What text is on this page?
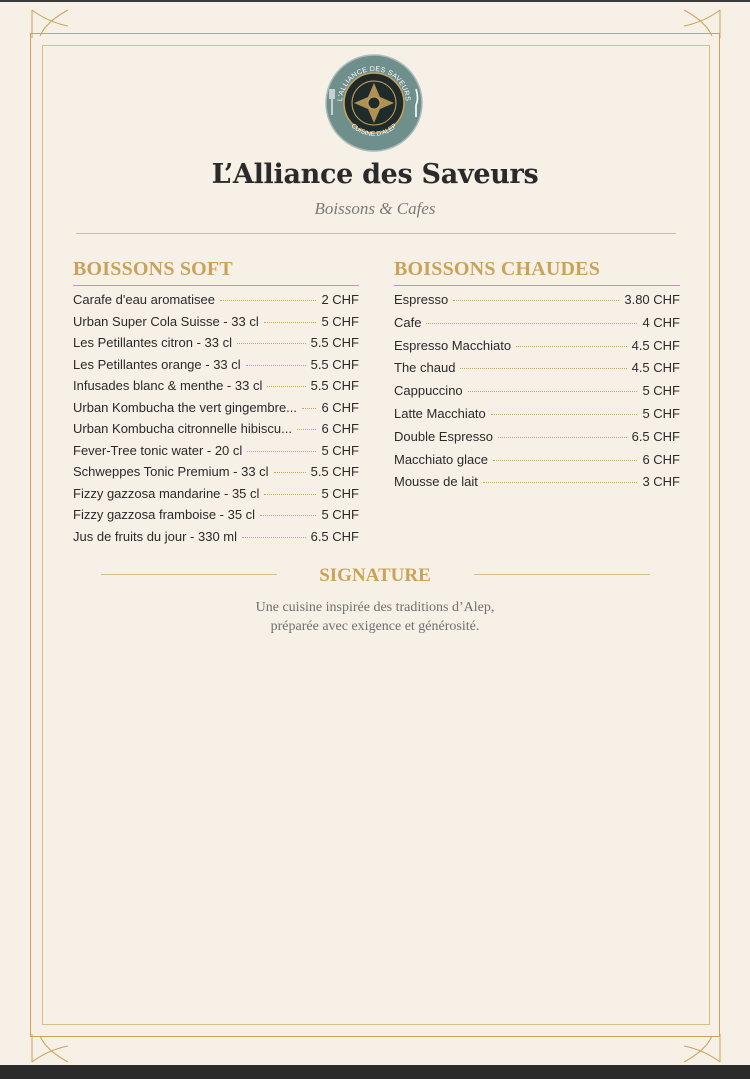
L'ALLIANCE DES SAVEURS
CUISINE D'ALEP
L’Alliance des Saveurs
Boissons & Cafes
BOISSONS SOFT
Carafe d'eau aromatisee	2 CHF
Urban Super Cola Suisse - 33 cl	5 CHF
Les Petillantes citron - 33 cl	5.5 CHF
Les Petillantes orange - 33 cl	5.5 CHF
Infusades blanc & menthe - 33 cl	5.5 CHF
Urban Kombucha the vert gingembre... 6 CHF
Urban Kombucha citronnelle hibiscu... 6 CHF
Fever-Tree tonic water - 20 cl	5 CHF
Schweppes Tonic Premium - 33 cl	5.5 CHF
Fizzy gazzosa mandarine - 35 cl	5 CHF
Fizzy gazzosa framboise - 35 cl	5 CHF
Jus de fruits du jour - 330 ml	6.5 CHF
BOISSONS CHAUDES
Espresso	3.80 CHF
Cafe	4 CHF
Espresso Macchiato	4.5 CHF
The chaud	4.5 CHF
Cappuccino	5 CHF
Latte Macchiato	5 CHF
Double Espresso	6.5 CHF
Macchiato glace	6 CHF
Mousse de lait	3 CHF
SIGNATURE
Une cuisine inspirée des traditions d’Alep,
préparée avec exigence et générosité.
